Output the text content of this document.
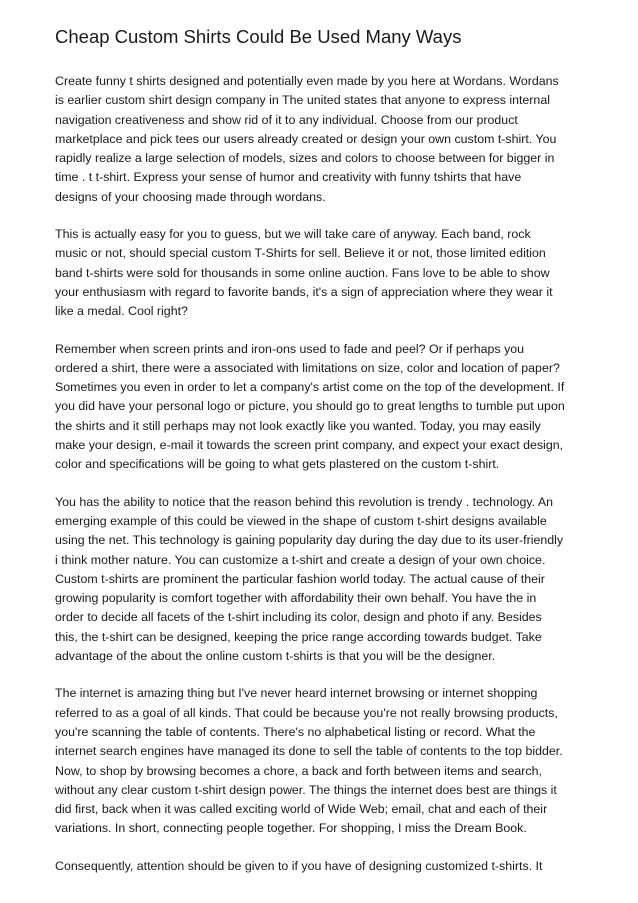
Cheap Custom Shirts Could Be Used Many Ways

Create funny t shirts designed and potentially even made by you here at Wordans. Wordans
is earlier custom shirt design company in The united states that anyone to express internal
navigation creativeness and show rid of it to any individual. Choose from our product
marketplace and pick tees our users already created or design your own custom t-shirt. You
rapidly realize a large selection of models, sizes and colors to choose between for bigger in
time . t t-shirt. Express your sense of humor and creativity with funny tshirts that have
designs of your choosing made through wordans.

This is actually easy for you to guess, but we will take care of anyway. Each band, rock
music or not, should special custom T-Shirts for sell. Believe it or not, those limited edition
band t-shirts were sold for thousands in some online auction. Fans love to be able to show
your enthusiasm with regard to favorite bands, it's a sign of appreciation where they wear it
like a medal. Cool right?

Remember when screen prints and iron-ons used to fade and peel? Or if perhaps you
ordered a shirt, there were a associated with limitations on size, color and location of paper?
Sometimes you even in order to let a company's artist come on the top of the development. If
you did have your personal logo or picture, you should go to great lengths to tumble put upon
the shirts and it still perhaps may not look exactly like you wanted. Today, you may easily
make your design, e-mail it towards the screen print company, and expect your exact design,
color and specifications will be going to what gets plastered on the custom t-shirt.

You has the ability to notice that the reason behind this revolution is trendy . technology. An
emerging example of this could be viewed in the shape of custom t-shirt designs available
using the net. This technology is gaining popularity day during the day due to its user-friendly
i think mother nature. You can customize a t-shirt and create a design of your own choice.
Custom t-shirts are prominent the particular fashion world today. The actual cause of their
growing popularity is comfort together with affordability their own behalf. You have the in
order to decide all facets of the t-shirt including its color, design and photo if any. Besides
this, the t-shirt can be designed, keeping the price range according towards budget. Take
advantage of the about the online custom t-shirts is that you will be the designer.

The internet is amazing thing but I've never heard internet browsing or internet shopping
referred to as a goal of all kinds. That could be because you're not really browsing products,
you're scanning the table of contents. There's no alphabetical listing or record. What the
internet search engines have managed its done to sell the table of contents to the top bidder.
Now, to shop by browsing becomes a chore, a back and forth between items and search,
without any clear custom t-shirt design power. The things the internet does best are things it
did first, back when it was called exciting world of Wide Web; email, chat and each of their
variations. In short, connecting people together. For shopping, I miss the Dream Book.

Consequently, attention should be given to if you have of designing customized t-shirts. It
